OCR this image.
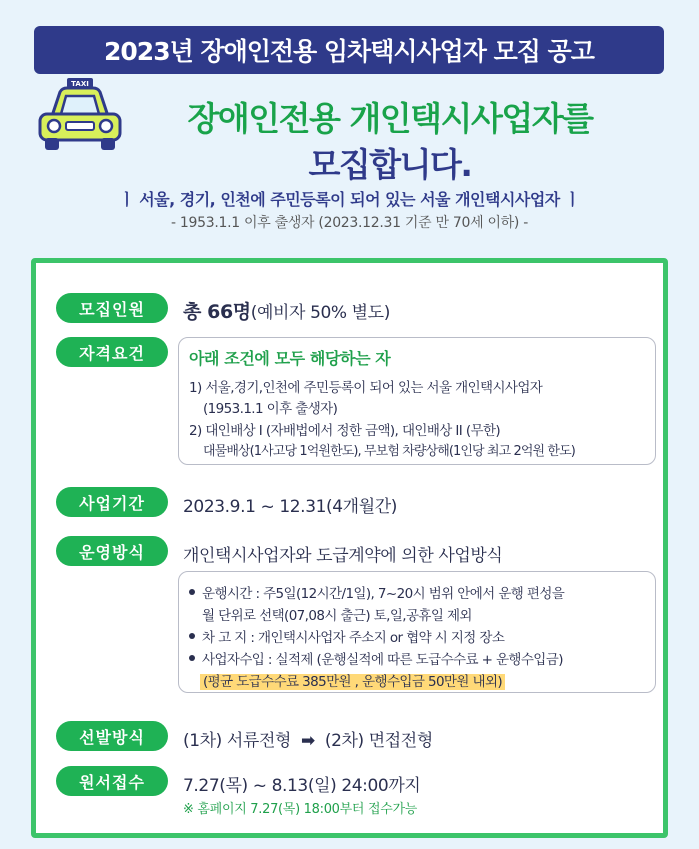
2023년 장애인전용 임차택시사업자 모집 공고
TAXI
장애인전용 개인택시사업자를
모집합니다.
ㅣ 서울, 경기, 인천에 주민등록이 되어 있는 서울 개인택시사업자 ㅣ
- 1953.1.1 이후 출생자 (2023.12.31 기준 만 70세 이하) -
모집인원	총 66명(예비자 50% 별도)
자격요건	아래 조건에 모두 해당하는 자
1) 서울,경기,인천에 주민등록이 되어 있는 서울 개인택시사업자
(1953.1.1 이후 출생자)
2) 대인배상 I (자배법에서 정한 금액), 대인배상 II (무한)
대물배상(1사고당 1억원한도), 무보험 차량상해(1인당 최고 2억원 한도)
사업기간	2023.9.1 ~ 12.31(4개월간)
운영방식	개인택시사업자와 도급계약에 의한 사업방식
운행시간 : 주5일(12시간/1일), 7~20시 범위 안에서 운행 편성을
월 단위로 선택(07,08시 출근) 토,일,공휴일 제외
차 고 지 : 개인택시사업자 주소지 or 협약 시 지정 장소
사업자수입 : 실적제 (운행실적에 따른 도급수수료 + 운행수입금)
(평균 도급수수료 385만원 , 운행수입금 50만원 내외)
선발방식	(1차) 서류전형 ➡ (2차) 면접전형
원서접수	7.27(목) ~ 8.13(일) 24:00까지
※ 홈페이지 7.27(목) 18:00부터 접수가능
